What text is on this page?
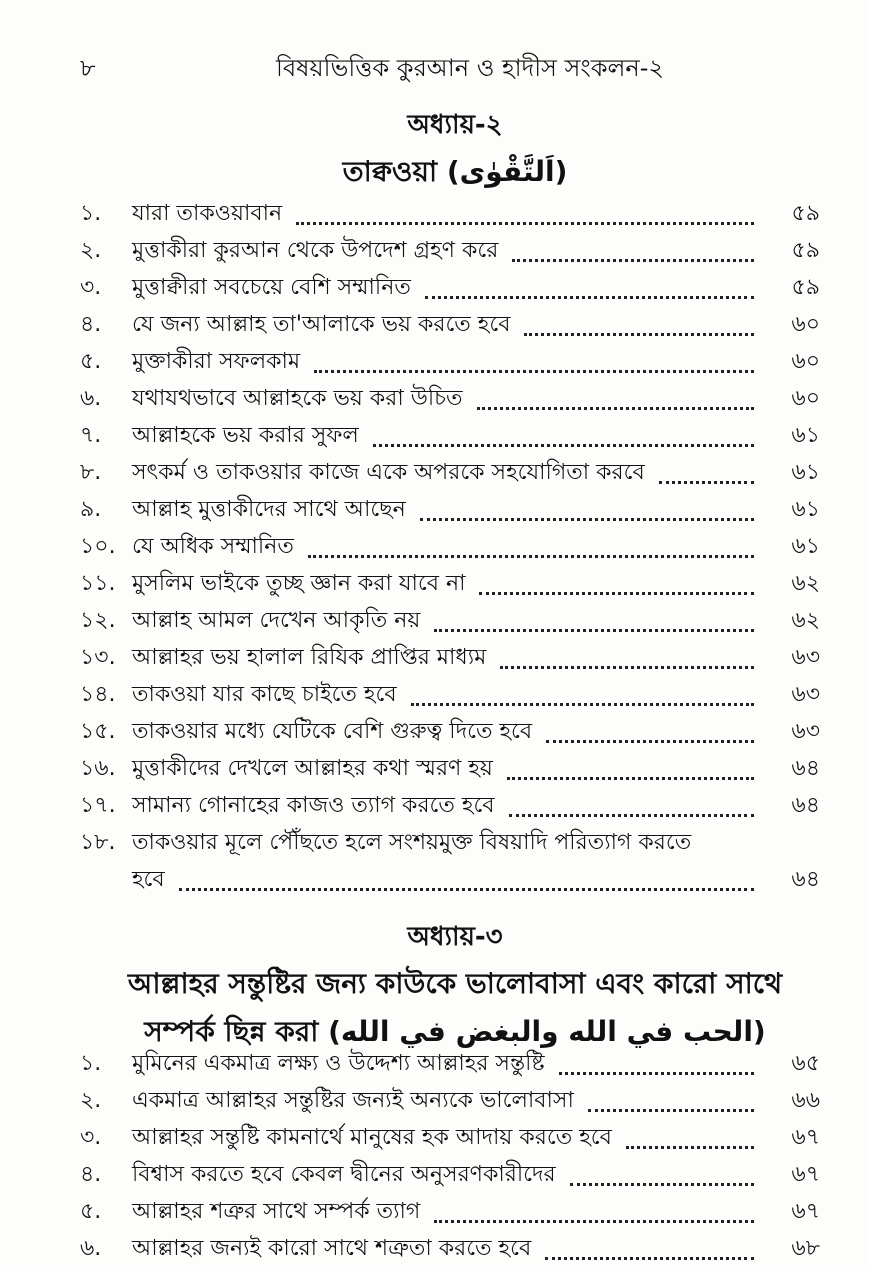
৮	বিষয়ভিত্তিক কুরআন ও হাদীস সংকলন-২
অধ্যায়-২
তাক্বওয়া (اَلتَّقْوٰى)
১.	যারা তাকওয়াবান	৫৯
২.	মুত্তাকীরা কুরআন থেকে উপদেশ গ্রহণ করে	৫৯
৩.	মুত্তাক্বীরা সবচেয়ে বেশি সম্মানিত	৫৯
৪.	যে জন্য আল্লাহ তা'আলাকে ভয় করতে হবে	৬০
৫.	মুক্তাকীরা সফলকাম	৬০
৬.	যথাযথভাবে আল্লাহকে ভয় করা উচিত	৬০
৭.	আল্লাহকে ভয় করার সুফল	৬১
৮.	সৎকর্ম ও তাকওয়ার কাজে একে অপরকে সহযোগিতা করবে	৬১
৯.	আল্লাহ মুত্তাকীদের সাথে আছেন	৬১
১০. যে অধিক সম্মানিত	৬১
১১. মুসলিম ভাইকে তুচ্ছ জ্ঞান করা যাবে না	৬২
১২. আল্লাহ আমল দেখেন আকৃতি নয়	৬২
১৩. আল্লাহর ভয় হালাল রিযিক প্রাপ্তির মাধ্যম	৬৩
১৪. তাকওয়া যার কাছে চাইতে হবে	৬৩
১৫. তাকওয়ার মধ্যে যেটিকে বেশি গুরুত্ব দিতে হবে	৬৩
১৬. মুত্তাকীদের দেখলে আল্লাহর কথা স্মরণ হয়	৬৪
১৭. সামান্য গোনাহের কাজও ত্যাগ করতে হবে	৬৪
১৮. তাকওয়ার মূলে পৌঁছতে হলে সংশয়মুক্ত বিষয়াদি পরিত্যাগ করতে
হবে	৬৪
অধ্যায়-৩
আল্লাহর সন্তুষ্টির জন্য কাউকে ভালোবাসা এবং কারো সাথে
সম্পর্ক ছিন্ন করা (الحب في الله والبغض في الله)
১.	মুমিনের একমাত্র লক্ষ্য ও উদ্দেশ্য আল্লাহর সন্তুষ্টি	৬৫
২.	একমাত্র আল্লাহর সন্তুষ্টির জন্যই অন্যকে ভালোবাসা	৬৬
৩.	আল্লাহর সন্তুষ্টি কামনার্থে মানুষের হক আদায় করতে হবে	৬৭
৪.	বিশ্বাস করতে হবে কেবল দ্বীনের অনুসরণকারীদের	৬৭
৫.	আল্লাহর শত্রুর সাথে সম্পর্ক ত্যাগ	৬৭
৬.	আল্লাহর জন্যই কারো সাথে শত্রুতা করতে হবে	৬৮
